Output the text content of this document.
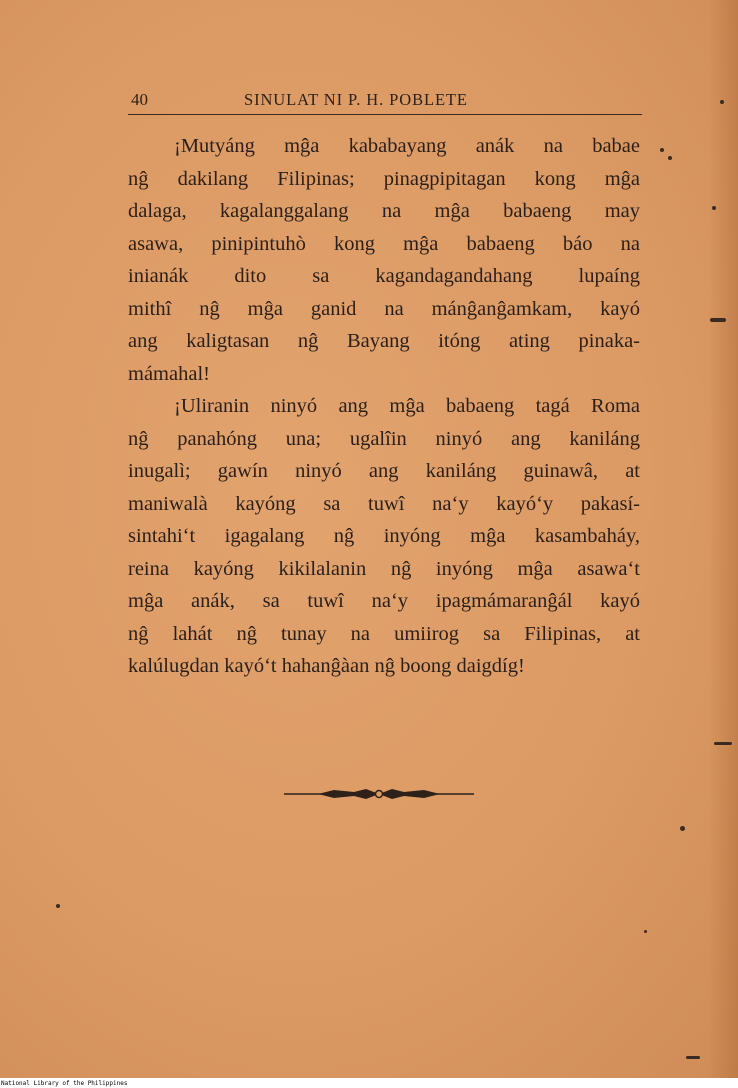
40	SINULAT NI P. H. POBLETE
¡Mutyáng mĝa kababayang anák na babae
nĝ dakilang Filipinas; pinagpipitagan kong mĝa
dalaga, kagalanggalang na mĝa babaeng may
asawa, pinipintuhò kong mĝa babaeng báo na
inianák dito sa kagandagandahang lupaíng
mithî nĝ mĝa ganid na mánĝanĝamkam, kayó
ang kaligtasan nĝ Bayang itóng ating pinaka-
mámahal!
¡Uliranin ninyó ang mĝa babaeng tagá Roma
nĝ panahóng una; ugalîin ninyó ang kaniláng
inugalì; gawín ninyó ang kaniláng guinawâ, at
maniwalà kayóng sa tuwî na‘y kayó‘y pakasí-
sintahi‘t igagalang nĝ inyóng mĝa kasambaháy,
reina kayóng kikilalanin nĝ inyóng mĝa asawa‘t
mĝa anák, sa tuwî na‘y ipagmámaranĝál kayó
nĝ lahát nĝ tunay na umiirog sa Filipinas, at
kalúlugdan kayó‘t hahanĝàan nĝ boong daigdíg!
National Library of the Philippines
